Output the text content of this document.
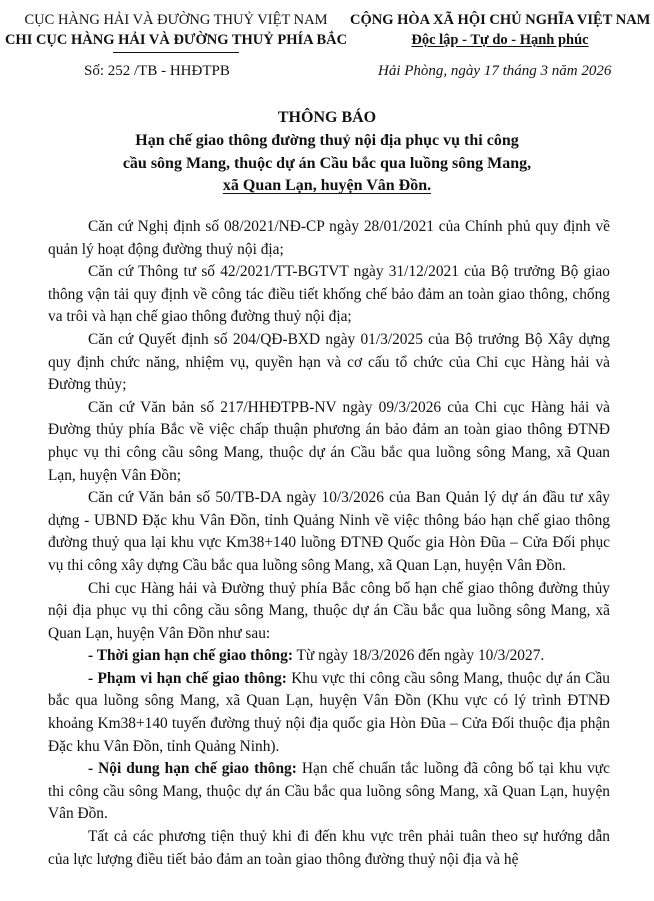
CỤC HÀNG HẢI VÀ ĐƯỜNG THUỶ VIỆT NAM
CHI CỤC HÀNG HẢI VÀ ĐƯỜNG THUỶ PHÍA BẮC
CỘNG HÒA XÃ HỘI CHỦ NGHĨA VIỆT NAM
Độc lập - Tự do - Hạnh phúc
Số: 252 /TB - HHĐTPB	Hải Phòng, ngày 17 tháng 3 năm 2026
THÔNG BÁO
Hạn chế giao thông đường thuỷ nội địa phục vụ thi công
cầu sông Mang, thuộc dự án Cầu bắc qua luồng sông Mang,
xã Quan Lạn, huyện Vân Đồn.

Căn cứ Nghị định số 08/2021/NĐ-CP ngày 28/01/2021 của Chính phủ quy định về quản lý hoạt động đường thuỷ nội địa;

Căn cứ Thông tư số 42/2021/TT-BGTVT ngày 31/12/2021 của Bộ trưởng Bộ giao thông vận tải quy định về công tác điều tiết khống chế bảo đảm an toàn giao thông, chống va trôi và hạn chế giao thông đường thuỷ nội địa;

Căn cứ Quyết định số 204/QĐ-BXD ngày 01/3/2025 của Bộ trưởng Bộ Xây dựng quy định chức năng, nhiệm vụ, quyền hạn và cơ cấu tổ chức của Chi cục Hàng hải và Đường thủy;

Căn cứ Văn bản số 217/HHĐTPB-NV ngày 09/3/2026 của Chi cục Hàng hải và Đường thủy phía Bắc về việc chấp thuận phương án bảo đảm an toàn giao thông ĐTNĐ phục vụ thi công cầu sông Mang, thuộc dự án Cầu bắc qua luồng sông Mang, xã Quan Lạn, huyện Vân Đồn;

Căn cứ Văn bản số 50/TB-DA ngày 10/3/2026 của Ban Quản lý dự án đầu tư xây dựng - UBND Đặc khu Vân Đồn, tỉnh Quảng Ninh về việc thông báo hạn chế giao thông đường thuỷ qua lại khu vực Km38+140 luồng ĐTNĐ Quốc gia Hòn Đũa – Cửa Đối phục vụ thi công xây dựng Cầu bắc qua luồng sông Mang, xã Quan Lạn, huyện Vân Đồn.

Chi cục Hàng hải và Đường thuỷ phía Bắc công bố hạn chế giao thông đường thủy nội địa phục vụ thi công cầu sông Mang, thuộc dự án Cầu bắc qua luồng sông Mang, xã Quan Lạn, huyện Vân Đồn như sau:

- Thời gian hạn chế giao thông: Từ ngày 18/3/2026 đến ngày 10/3/2027.

- Phạm vi hạn chế giao thông: Khu vực thi công cầu sông Mang, thuộc dự án Cầu bắc qua luồng sông Mang, xã Quan Lạn, huyện Vân Đồn (Khu vực có lý trình ĐTNĐ khoảng Km38+140 tuyến đường thuỷ nội địa quốc gia Hòn Đũa – Cửa Đối thuộc địa phận Đặc khu Vân Đồn, tỉnh Quảng Ninh).

- Nội dung hạn chế giao thông: Hạn chế chuẩn tắc luồng đã công bố tại khu vực thi công cầu sông Mang, thuộc dự án Cầu bắc qua luồng sông Mang, xã Quan Lạn, huyện Vân Đồn.

Tất cả các phương tiện thuỷ khi đi đến khu vực trên phải tuân theo sự hướng dẫn của lực lượng điều tiết bảo đảm an toàn giao thông đường thuỷ nội địa và hệ
